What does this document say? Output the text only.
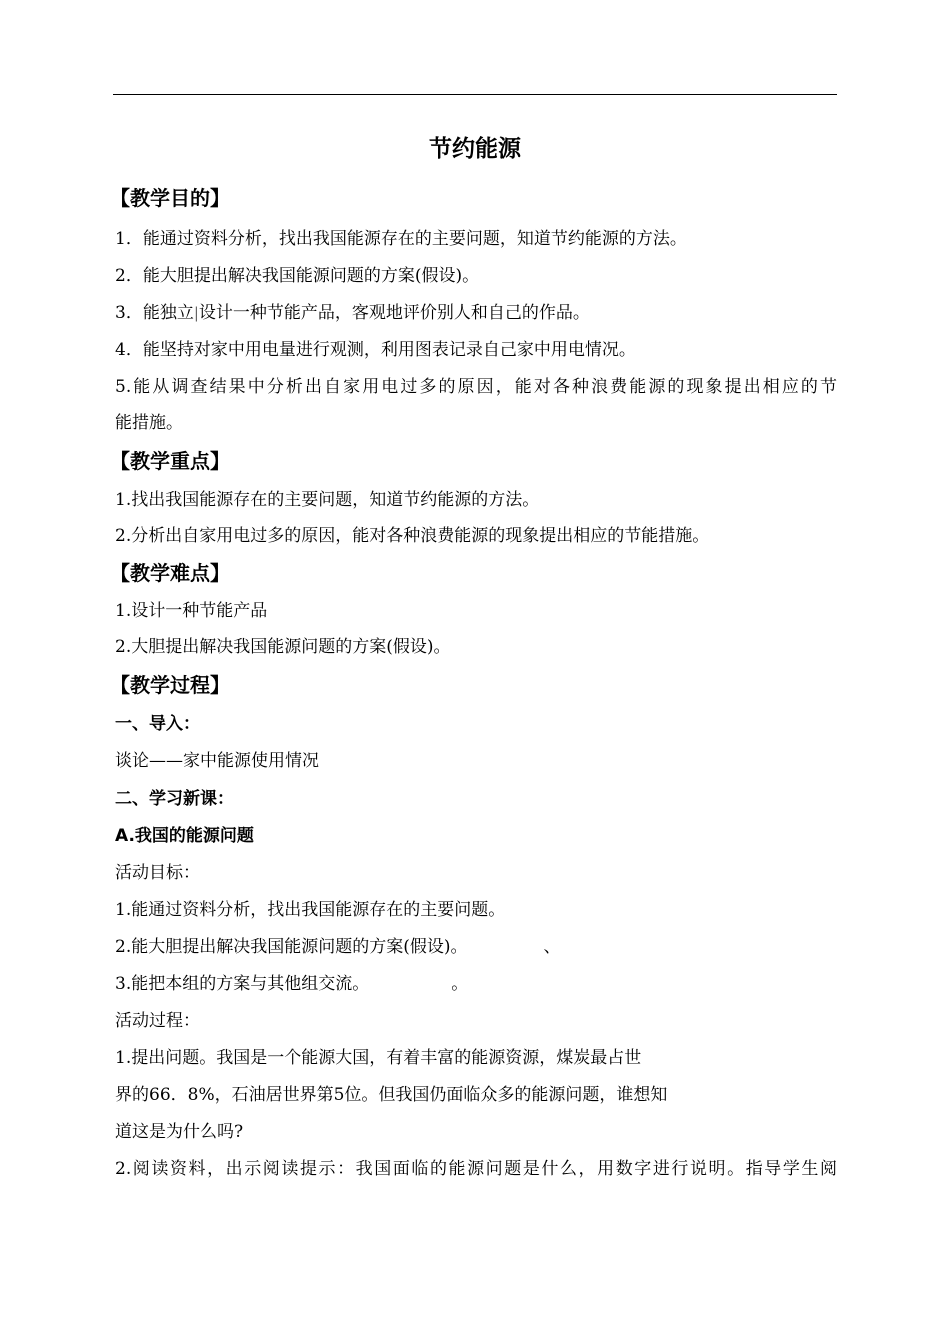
节约能源
【教学目的】
1．能通过资料分析，找出我国能源存在的主要问题，知道节约能源的方法。
2．能大胆提出解决我国能源问题的方案(假设)。
3．能独立|设计一种节能产品，客观地评价别人和自己的作品。
4．能坚持对家中用电量进行观测，利用图表记录自己家中用电情况。
5.能从调查结果中分析出自家用电过多的原因，能对各种浪费能源的现象提出相应的节
能措施。
【教学重点】
1.找出我国能源存在的主要问题，知道节约能源的方法。
2.分析出自家用电过多的原因，能对各种浪费能源的现象提出相应的节能措施。
【教学难点】
1.设计一种节能产品
2.大胆提出解决我国能源问题的方案(假设)。
【教学过程】
一、导入：
谈论——家中能源使用情况
二、学习新课：
A.我国的能源问题
活动目标：
1.能通过资料分析，找出我国能源存在的主要问题。
2.能大胆提出解决我国能源问题的方案(假设)。	、
3.能把本组的方案与其他组交流。	。
活动过程：
1.提出问题。我国是一个能源大国，有着丰富的能源资源，煤炭最占世
界的66．8%，石油居世界第5位。但我国仍面临众多的能源问题，谁想知
道这是为什么吗?
2.阅读资料，出示阅读提示：我国面临的能源问题是什么，用数字进行说明。指导学生阅
